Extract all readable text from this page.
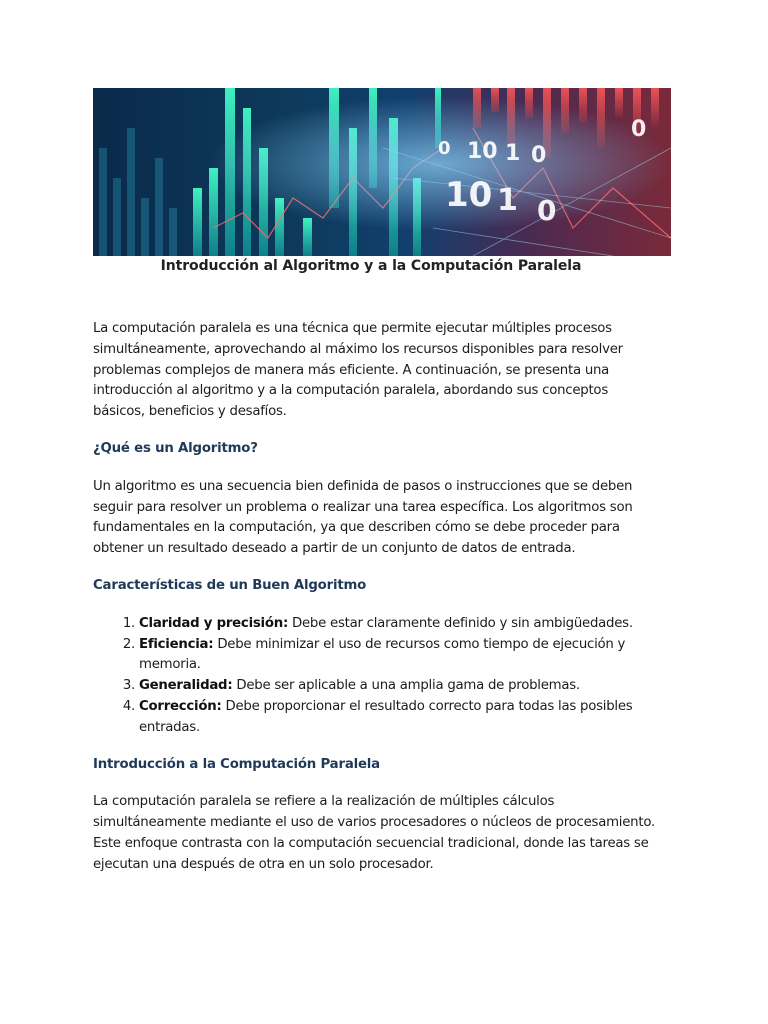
0 10 1 0
10 1 0
0
Introducción al Algoritmo y a la Computación Paralela

La computación paralela es una técnica que permite ejecutar múltiples procesos simultáneamente, aprovechando al máximo los recursos disponibles para resolver problemas complejos de manera más eficiente. A continuación, se presenta una introducción al algoritmo y a la computación paralela, abordando sus conceptos básicos, beneficios y desafíos.

¿Qué es un Algoritmo?

Un algoritmo es una secuencia bien definida de pasos o instrucciones que se deben seguir para resolver un problema o realizar una tarea específica. Los algoritmos son fundamentales en la computación, ya que describen cómo se debe proceder para obtener un resultado deseado a partir de un conjunto de datos de entrada.

Características de un Buen Algoritmo
1. Claridad y precisión: Debe estar claramente definido y sin ambigüedades.
2. Eficiencia: Debe minimizar el uso de recursos como tiempo de ejecución y memoria.
3. Generalidad: Debe ser aplicable a una amplia gama de problemas.
4. Corrección: Debe proporcionar el resultado correcto para todas las posibles entradas.
Introducción a la Computación Paralela

La computación paralela se refiere a la realización de múltiples cálculos simultáneamente mediante el uso de varios procesadores o núcleos de procesamiento. Este enfoque contrasta con la computación secuencial tradicional, donde las tareas se ejecutan una después de otra en un solo procesador.
